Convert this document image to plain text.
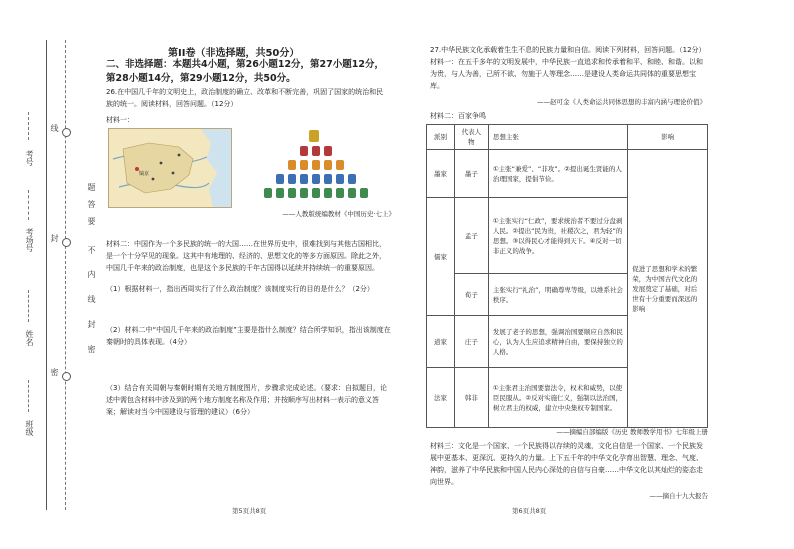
考号
考场号
姓名
班级
线
封
密
题
答
要
不
内
线
封
密
第II卷（非选择题，共50分）
二、非选择题：本题共4小题，第26小题12分，第27小题12分，第28小题14分，第29小题12分，共50分。
26.在中国几千年的文明史上，政治制度的确立、改革和不断完善，巩固了国家的统治和民族的统一。阅读材料，回答问题。（12分）
材料一：
镐京
——人教版统编教材《中国历史·七上》
材料二：中国作为一个多民族的统一的大国……在世界历史中，很难找到与其他古国相比，是一个十分罕见的现象。这其中有地理的、经济的、思想文化的等多方面原因。除此之外，中国几千年来的政治制度，也是这个多民族的千年古国得以延续并持续统一的重要原因。
（1）根据材料一，指出西周实行了什么政治制度？该制度实行的目的是什么？（2分）
（2）材料二中“中国几千年来的政治制度”主要是指什么制度？结合所学知识，指出该制度在秦朝时的具体表现。（4分）
（3）结合有关周朝与秦朝时期有关地方制度图片，步骤求完成论述。（要求：自拟题目，论述中需包含材料中涉及到的两个地方制度名称及作用；并按顺序写出材料一表示的意义答案；解读对当今中国建设与管理的建议）（6分）
第5页共8页
27.中华民族文化承载着生生不息的民族力量和自信。阅读下列材料，回答问题。（12分）
材料一：在五千多年的文明发展中，中华民族一直追求和传承着和平、和睦、和谐。以和为贵，与人为善，己所不欲、勿施于人等理念……是建设人类命运共同体的重要思想宝库。
——赵可金《人类命运共同体思想的丰富内涵与理论价值》
材料二：百家争鸣
派别	代表人物	思想主张	影响
墨家	墨子	①主张“兼爱”、“非攻”。②提出诞生贤能的人治理国家，提倡节俭。	促进了思想和学术的繁荣，为中国古代文化的发展奠定了基础，对后世有十分重要而深远的影响
儒家	孟子	①主张实行“仁政”，要求统治者不要过分盘剥人民。②提出“民为贵，社稷次之，君为轻”的思想。③以得民心才能得到天下。④反对一切非正义的战争。	
	荀子	主张实行“礼治”，明确尊卑等级，以维系社会秩序。	
道家	庄子	发展了老子的思想，强调治国要顺应自然和民心，认为人生应追求精神自由，要保持独立的人格。	
法家	韩非	①主张君主治国要靠法令，权术和威势，以使臣民服从。②反对实施仁义，强制以法治国，树立君主的权威，建立中央集权专制国家。	
——摘编自部编版《历史 教师教学用书》七年级上册
材料三：文化是一个国家、一个民族得以存续的灵魂，文化自信是一个国家、一个民族发展中更基本、更深沉、更持久的力量。上下五千年的中华文化孕育出智慧、理念、气度、神韵，滋养了中华民族和中国人民内心深处的自信与自豪……中华文化以其灿烂的姿态走向世界。
——摘自十九大报告
第6页共8页
